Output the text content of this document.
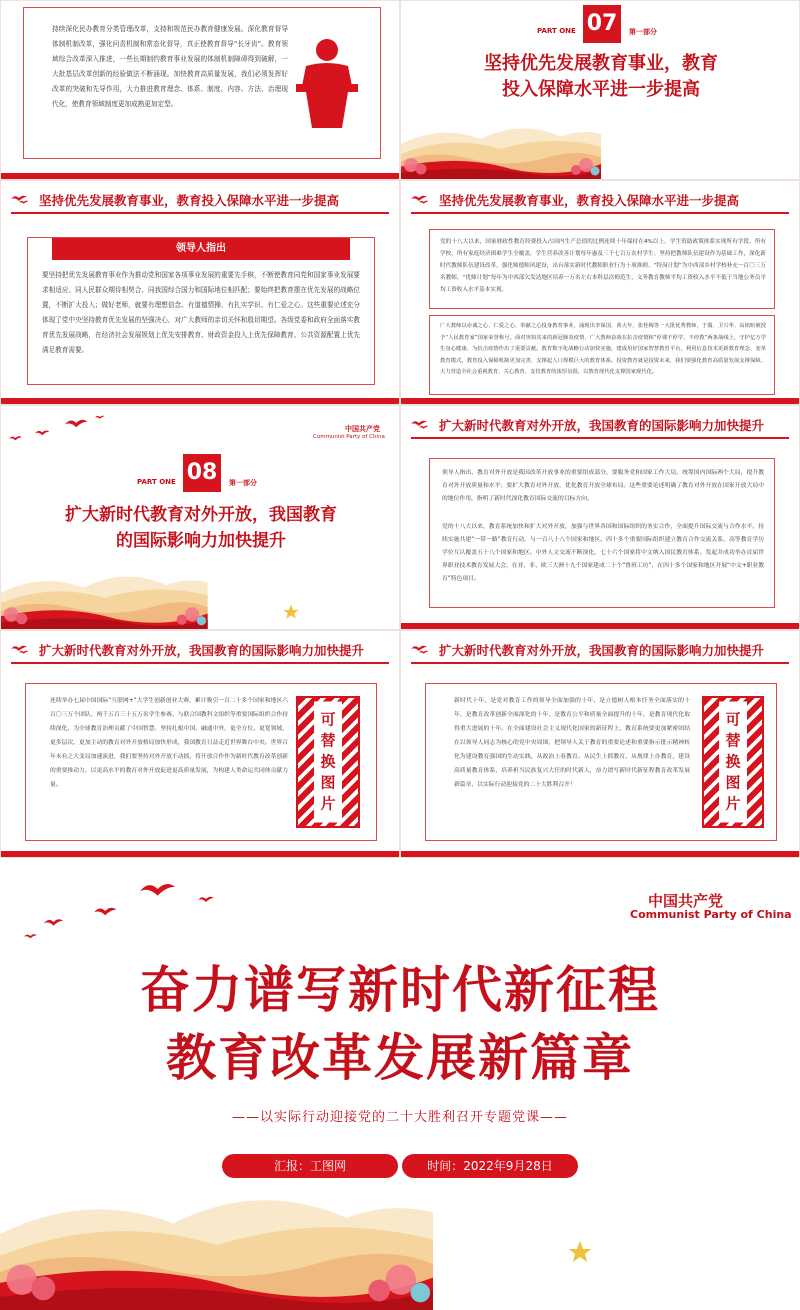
持续深化民办教育分类管理改革，支持和规范民办教育健康发展。深化教育督导体制机制改革，强化问责机制和常态化督导，真正使教育督导“长牙齿”。教育领域综合改革深入推进，一些长期制约教育事业发展的体制机制障碍得到破解，一大批基层改革创新的经验做法不断涌现。加快教育高质量发展，我们必须发挥好改革的突破和先导作用，大力推进教育理念、体系、制度、内容、方法、治理现代化，使教育领域制度更加成熟更加定型。

PART ONE 07	第一部分
坚持优先发展教育事业，教育
投入保障水平进一步提高
坚持优先发展教育事业，教育投入保障水平进一步提高
领导人指出

要坚持把优先发展教育事业作为推动党和国家各项事业发展的重要先手棋，不断使教育同党和国家事业发展要求相适应、同人民群众期待相契合、同我国综合国力和国际地位相匹配；要始终把教育摆在优先发展的战略位置，不断扩大投入；做好老师，就要有理想信念、有道德情操、有扎实学识、有仁爱之心。这些重要论述充分体现了党中央坚持教育优先发展的坚强决心，对广大教师的亲切关怀和殷切期望。各级党委和政府全面落实教育优先发展战略，在经济社会发展规划上优先安排教育、财政资金投入上优先保障教育、公共资源配置上优先满足教育需要。

坚持优先发展教育事业，教育投入保障水平进一步提高

党的十八大以来，国家财政性教育经费投入占国内生产总值的比例连续十年保持在4%以上。学生资助政策体系实现所有学段、所有学校、所有家庭经济困难学生全覆盖，学生营养改善计划每年惠及三千七百万农村学生。坚持把教师队伍建设作为基础工作，深化新时代教师队伍建设改革，强化师德师风建设，出台落实新时代教师职业行为十项准则。“特岗计划”为中西部乡村学校补充一百〇三万名教师，“优师计划”每年为中西部欠发达地区培养一万名左右本科层次师范生，义务教育教师平均工资收入水平不低于当地公务员平均工资收入水平基本实现。

广大教师以赤诚之心、仁爱之心、奉献之心投身教育事业，涌现出李保国、黄大年、张桂梅等一大批优秀教师，于漪、卫兴华、高铭暄被授予“人民教育家”国家荣誉称号。面对突如其来的新冠肺炎疫情，广大教师奋战在抗击疫情和“停课不停学、不停教”两条战线上，守护亿万学生身心健康，为抗击疫情作出了重要贡献。教育数字化战略行动加快实施，建成用好国家智慧教育平台，利用信息技术更新教育理念、变革教育模式。教育投入保障机制更加完善，支撑起人口规模巨大的教育体系。投资教育就是投资未来，我们要强化教育高质量发展支撑保障，大力营造全社会重视教育、关心教育、支持教育的浓厚氛围，以教育现代化支撑国家现代化。

中国共产党
Communist Party of China
PART ONE 08	第一部分
扩大新时代教育对外开放，我国教育
的国际影响力加快提升
扩大新时代教育对外开放，我国教育的国际影响力加快提升

领导人指出，教育对外开放是我国改革开放事业的重要组成部分，要服务党和国家工作大局，统筹国内国际两个大局，提升教育对外开放质量和水平；要扩大教育对外开放，优化教育开放全球布局。这些重要论述明确了教育对外开放在国家开放大局中的地位作用，指明了新时代深化教育国际交流的目标方向。

党的十八大以来，教育系统加快和扩大对外开放，加强与世界各国和国际组织的务实合作，全面提升国际交流与合作水平。持续实施共建“一带一路”教育行动，与一百八十八个国家和地区、四十多个重要国际组织建立教育合作交流关系，高等教育学历学位互认覆盖五十八个国家和地区。中外人文交流不断深化，七十六个国家将中文纳入国民教育体系。发起并成功举办首届世界职业技术教育发展大会，在亚、非、欧三大洲十九个国家建成二十个“鲁班工坊”，在四十多个国家和地区开展“中文+职业教育”特色项目。

扩大新时代教育对外开放，我国教育的国际影响力加快提升

连续举办七届中国国际“互联网+”大学生创新创业大赛，累计吸引一百二十多个国家和地区六百〇三万个团队、两千五百三十五万名学生参赛。与联合国教科文组织等重要国际组织合作持续深化，为全球教育治理贡献了中国智慧。坚持扎根中国、融通中外，更全方位、更宽领域、更多层次、更加主动的教育对外开放格局加快形成，我国教育日益走近世界舞台中央。世界百年未有之大变局加速演进，我们要坚持对外开放不动摇，将开放合作作为新时代教育改革创新的重要推动力，以更高水平的教育对外开放促进更高质量发展，为构建人类命运共同体贡献力量。

可替换图片
扩大新时代教育对外开放，我国教育的国际影响力加快提升

新时代十年，是党对教育工作的领导全面加强的十年，是立德树人根本任务全面落实的十年，是教育改革创新全面深化的十年，是教育公平和质量全面提升的十年，是教育现代化取得重大进展的十年。在全面建设社会主义现代化国家的新征程上，教育系统要更加紧密团结在以领导人同志为核心的党中央周围，把领导人关于教育的重要论述和重要指示批示精神转化为建设教育强国的生动实践，从政治上看教育、从民生上抓教育、从规律上办教育，建设高质量教育体系，培养担当民族复兴大任的时代新人，奋力谱写新时代新征程教育改革发展新篇章，以实际行动迎接党的二十大胜利召开！

可替换图片
中国共产党
Communist Party of China
奋力谱写新时代新征程
教育改革发展新篇章
——以实际行动迎接党的二十大胜利召开专题党课——
汇报：工图网	时间：2022年9月28日
